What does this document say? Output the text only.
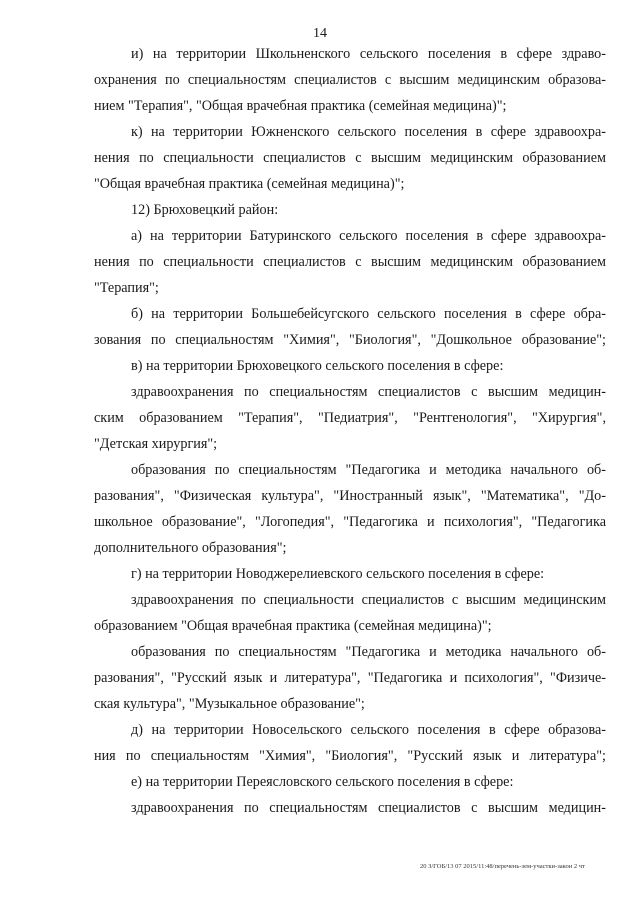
14
и) на территории Школьненского сельского поселения в сфере здраво-
охранения по специальностям специалистов с высшим медицинским образова-
нием "Терапия", "Общая врачебная практика (семейная медицина)";
к) на территории Южненского сельского поселения в сфере здравоохра-
нения по специальности специалистов с высшим медицинским образованием
"Общая врачебная практика (семейная медицина)";
12) Брюховецкий район:
а) на территории Батуринского сельского поселения в сфере здравоохра-
нения по специальности специалистов с высшим медицинским образованием
"Терапия";
б) на территории Большебейсугского сельского поселения в сфере обра-
зования по специальностям "Химия", "Биология", "Дошкольное образование";
в) на территории Брюховецкого сельского поселения в сфере:
здравоохранения по специальностям специалистов с высшим медицин-
ским образованием "Терапия", "Педиатрия", "Рентгенология", "Хирургия",
"Детская хирургия";
образования по специальностям "Педагогика и методика начального об-
разования", "Физическая культура", "Иностранный язык", "Математика", "До-
школьное образование", "Логопедия", "Педагогика и психология", "Педагогика
дополнительного образования";
г) на территории Новоджерелиевского сельского поселения в сфере:
здравоохранения по специальности специалистов с высшим медицинским
образованием "Общая врачебная практика (семейная медицина)";
образования по специальностям "Педагогика и методика начального об-
разования", "Русский язык и литература", "Педагогика и психология", "Физиче-
ская культура", "Музыкальное образование";
д) на территории Новосельского сельского поселения в сфере образова-
ния по специальностям "Химия", "Биология", "Русский язык и литература";
е) на территории Переясловского сельского поселения в сфере:
здравоохранения по специальностям специалистов с высшим медицин-
20 З/ГОБ/13 07 2015/11:48/перечень-зем-участки-закон 2 чт
